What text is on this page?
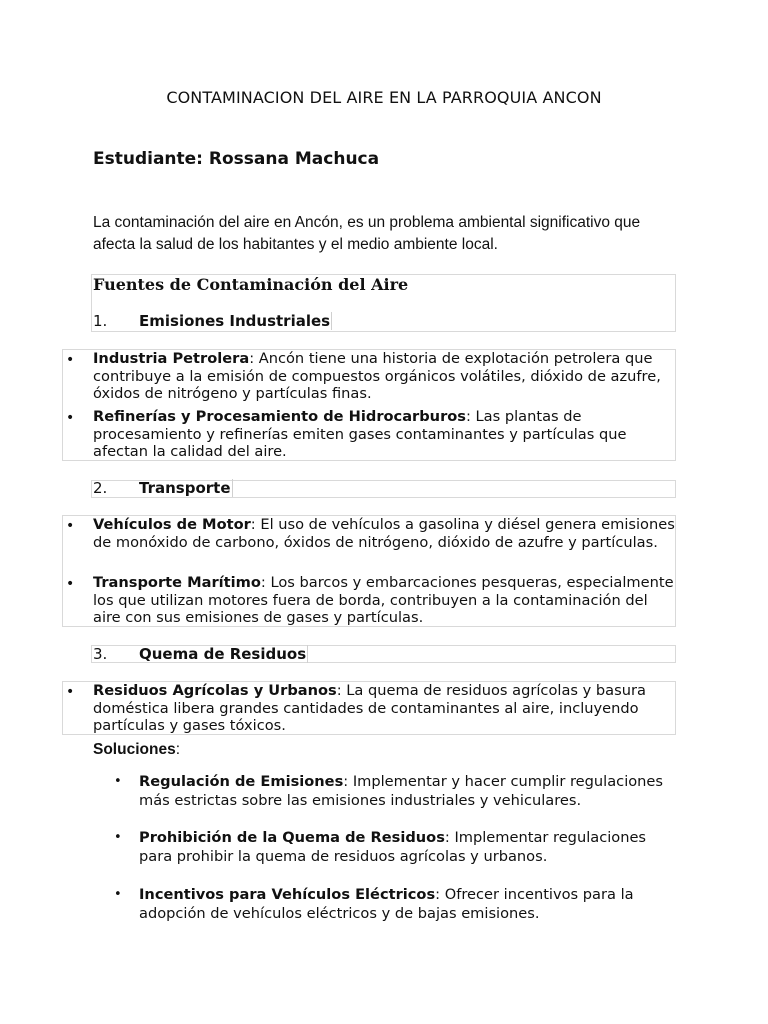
CONTAMINACION DEL AIRE EN LA PARROQUIA ANCON
Estudiante: Rossana Machuca
La contaminación del aire en Ancón, es un problema ambiental significativo que afecta la salud de los habitantes y el medio ambiente local.
Fuentes de Contaminación del Aire
1. Emisiones Industriales
• Industria Petrolera: Ancón tiene una historia de explotación petrolera que contribuye a la emisión de compuestos orgánicos volátiles, dióxido de azufre, óxidos de nitrógeno y partículas finas.
• Refinerías y Procesamiento de Hidrocarburos: Las plantas de procesamiento y refinerías emiten gases contaminantes y partículas que afectan la calidad del aire.
2. Transporte
• Vehículos de Motor: El uso de vehículos a gasolina y diésel genera emisiones de monóxido de carbono, óxidos de nitrógeno, dióxido de azufre y partículas.
• Transporte Marítimo: Los barcos y embarcaciones pesqueras, especialmente los que utilizan motores fuera de borda, contribuyen a la contaminación del aire con sus emisiones de gases y partículas.
3. Quema de Residuos
• Residuos Agrícolas y Urbanos: La quema de residuos agrícolas y basura doméstica libera grandes cantidades de contaminantes al aire, incluyendo partículas y gases tóxicos.
Soluciones:
• Regulación de Emisiones: Implementar y hacer cumplir regulaciones más estrictas sobre las emisiones industriales y vehiculares.
• Prohibición de la Quema de Residuos: Implementar regulaciones para prohibir la quema de residuos agrícolas y urbanos.
• Incentivos para Vehículos Eléctricos: Ofrecer incentivos para la adopción de vehículos eléctricos y de bajas emisiones.
